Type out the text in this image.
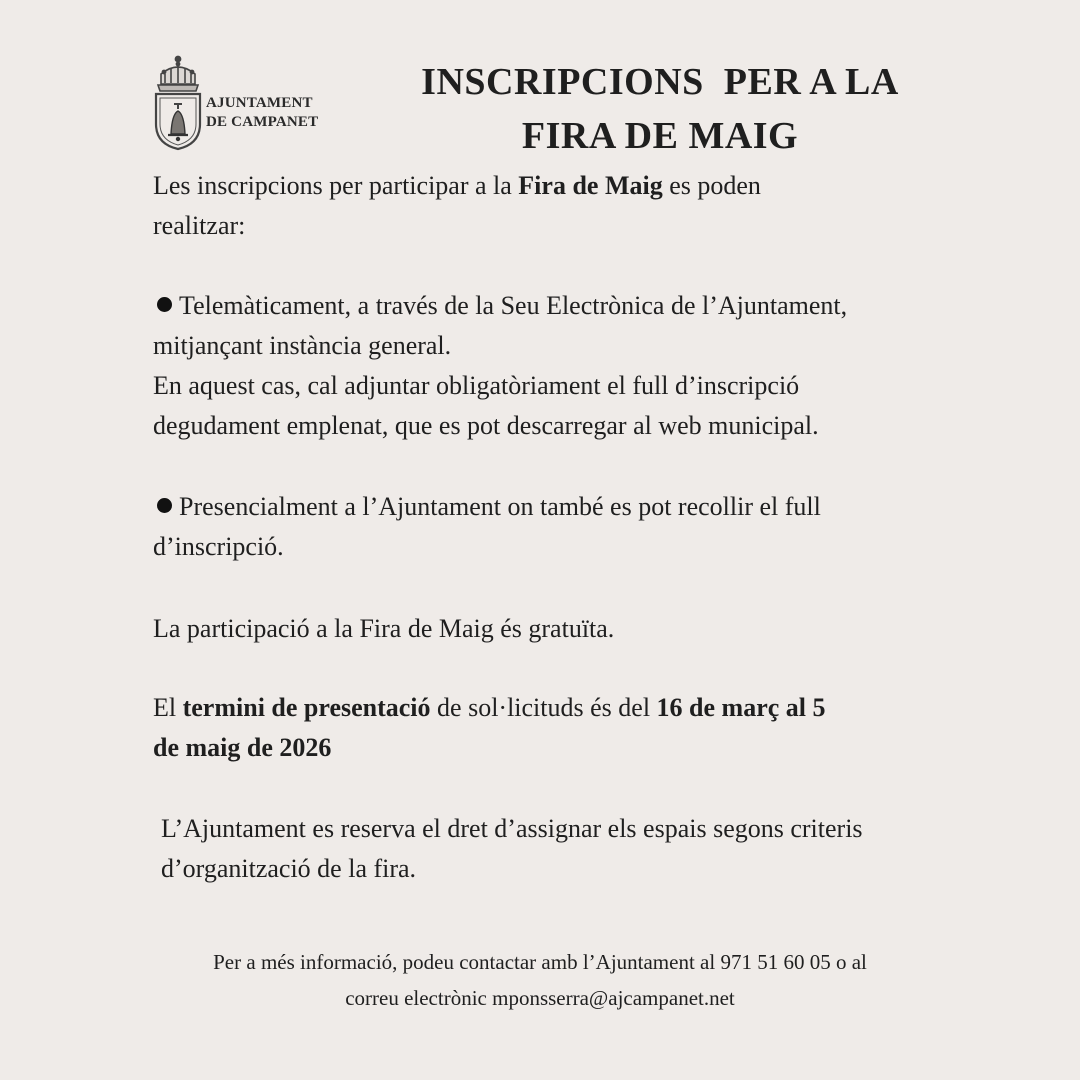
AJUNTAMENT
DE CAMPANET
INSCRIPCIONS  PER A LA
FIRA DE MAIG
Les inscripcions per participar a la Fira de Maig es poden
realitzar:
Telemàticament, a través de la Seu Electrònica de l’Ajuntament,
mitjançant instància general.
En aquest cas, cal adjuntar obligatòriament el full d’inscripció
degudament emplenat, que es pot descarregar al web municipal.
Presencialment a l’Ajuntament on també es pot recollir el full
d’inscripció.
La participació a la Fira de Maig és gratuïta.
El termini de presentació de sol·licituds és del 16 de març al 5
de maig de 2026
L’Ajuntament es reserva el dret d’assignar els espais segons criteris
d’organització de la fira.
Per a més informació, podeu contactar amb l’Ajuntament al 971 51 60 05 o al
correu electrònic mponsserra@ajcampanet.net
